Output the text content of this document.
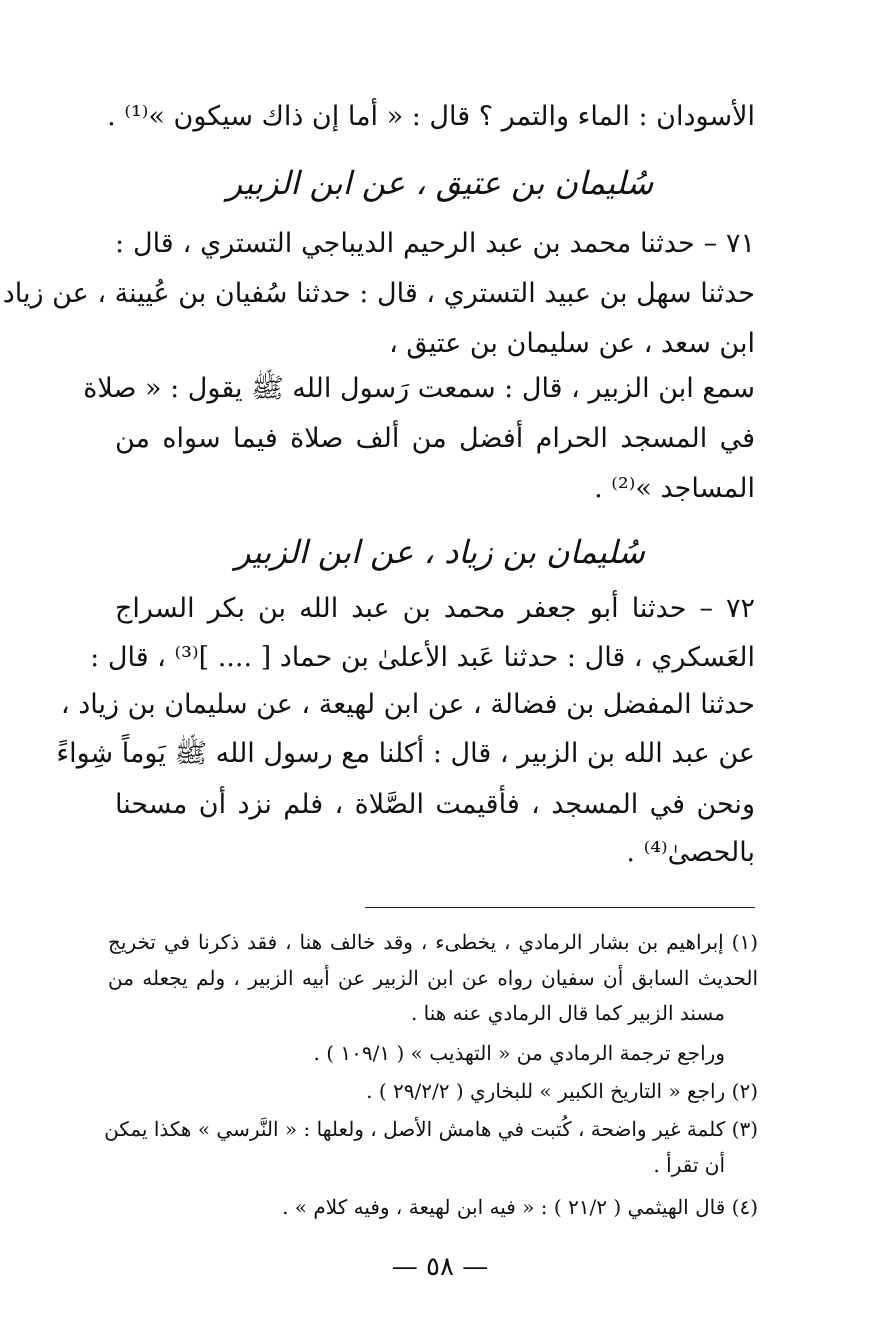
الأسودان : الماء والتمر ؟ قال : « أما إن ذاك سيكون »⁽¹⁾ .
سُليمان بن عتيق ، عن ابن الزبير
٧١ – حدثنا محمد بن عبد الرحيم الديباجي التستري ، قال :
حدثنا سهل بن عبيد التستري ، قال : حدثنا سُفيان بن عُيينة ، عن زياد
ابن سعد ، عن سليمان بن عتيق ،
سمع ابن الزبير ، قال : سمعت رَسول الله ﷺ يقول : « صلاة
في المسجد الحرام أفضل من ألف صلاة فيما سواه من
المساجد »⁽²⁾ .
سُليمان بن زياد ، عن ابن الزبير
٧٢ – حدثنا أبو جعفر محمد بن عبد الله بن بكر السراج
العَسكري ، قال : حدثنا عَبد الأعلىٰ بن حماد [ .... ]⁽³⁾ ، قال :
حدثنا المفضل بن فضالة ، عن ابن لهيعة ، عن سليمان بن زياد ،
عن عبد الله بن الزبير ، قال : أكلنا مع رسول الله ﷺ يَوماً شِواءً
ونحن في المسجد ، فأقيمت الصَّلاة ، فلم نزد أن مسحنا
بالحصىٰ⁽⁴⁾ .
(١) إبراهيم بن بشار الرمادي ، يخطىء ، وقد خالف هنا ، فقد ذكرنا في تخريج
الحديث السابق أن سفيان رواه عن ابن الزبير عن أبيه الزبير ، ولم يجعله من
مسند الزبير كما قال الرمادي عنه هنا .
وراجع ترجمة الرمادي من « التهذيب » ( ١٠٩/١ ) .
(٢) راجع « التاريخ الكبير » للبخاري ( ٢٩/٢/٢ ) .
(٣) كلمة غير واضحة ، كُتبت في هامش الأصل ، ولعلها : « النَّرسي » هكذا يمكن
أن تقرأ .
(٤) قال الهيثمي ( ٢١/٢ ) : « فيه ابن لهيعة ، وفيه كلام » .
— ٥٨ —
